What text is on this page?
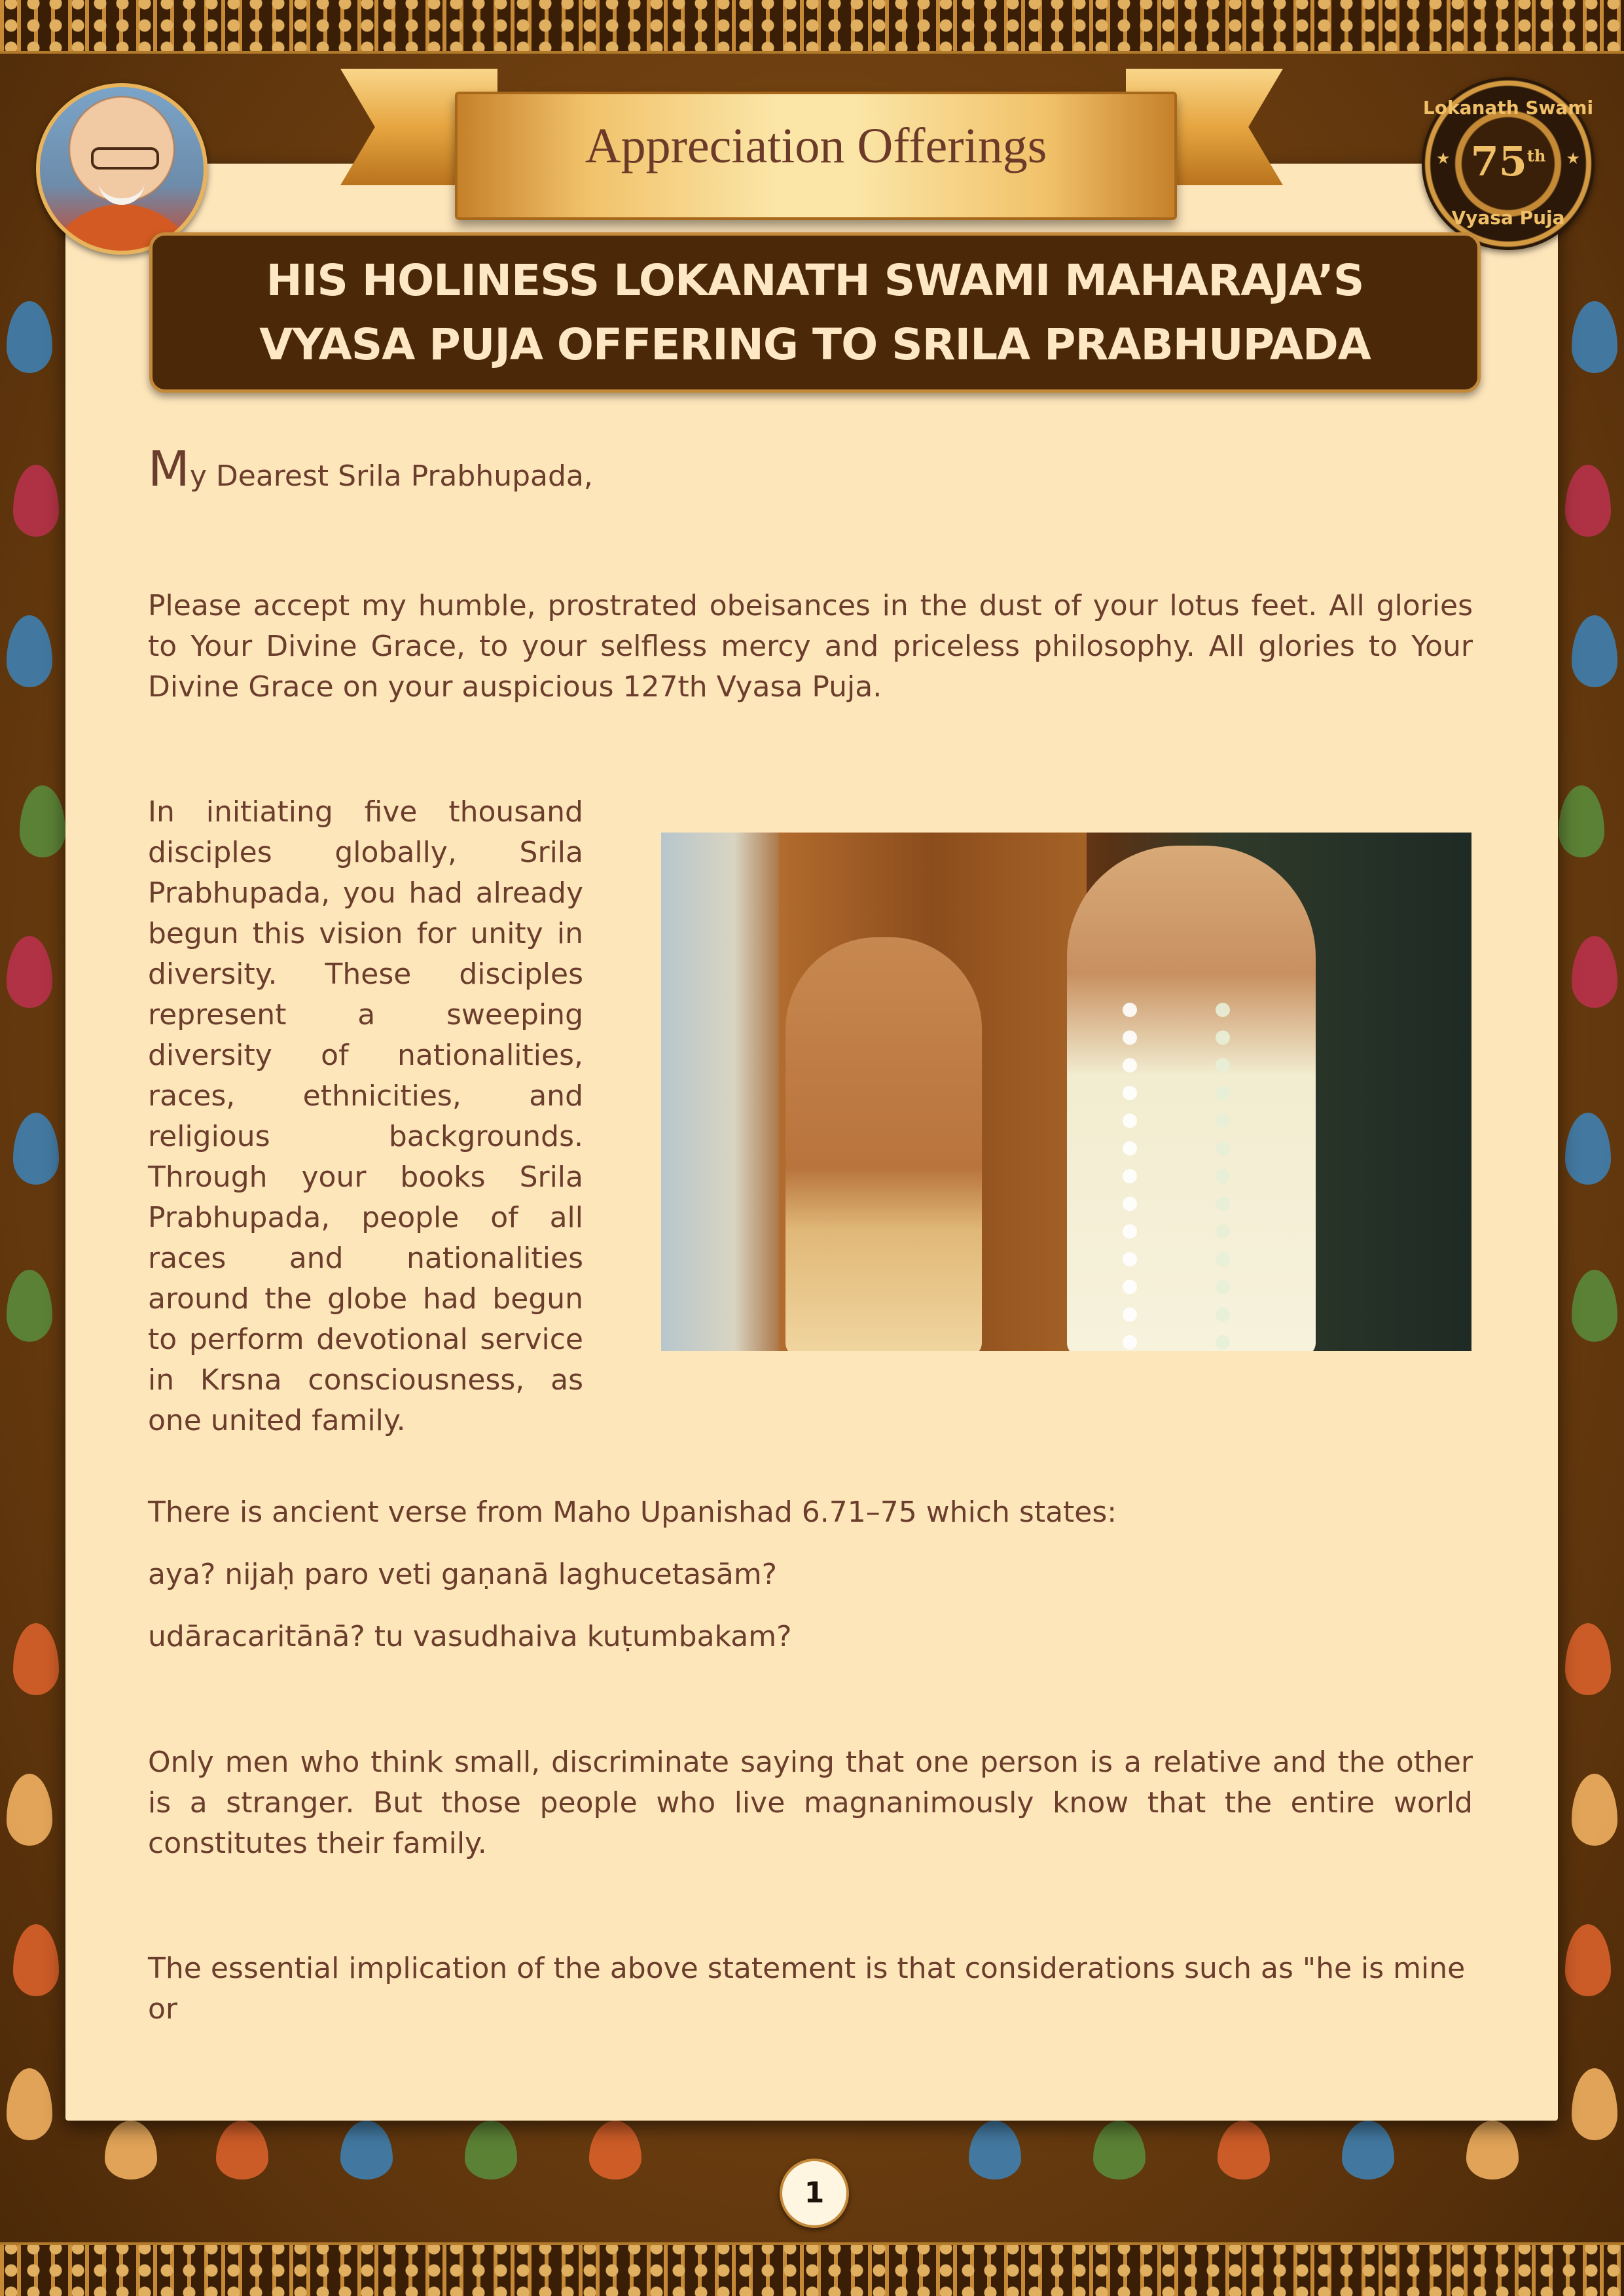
Appreciation Offerings
Lokanath Swami
★	★
75th
Vyasa Puja
HIS HOLINESS LOKANATH SWAMI MAHARAJA’S
VYASA PUJA OFFERING TO SRILA PRABHUPADA
My Dearest Srila Prabhupada,
Please accept my humble, prostrated obeisances in the dust of your lotus feet. All glories to Your Divine Grace, to your selfless mercy and priceless philosophy. All glories to Your Divine Grace on your auspicious 127th Vyasa Puja.
In initiating five thousand disciples globally, Srila Prabhupada, you had already begun this vision for unity in diversity. These disciples represent a sweeping diversity of nationalities, races, ethnicities, and religious backgrounds. Through your books Srila Prabhupada, people of all races and nationalities around the globe had begun to perform devotional service in Krsna consciousness, as one united family.
There is ancient verse from Maho Upanishad 6.71–75 which states:
aya? nijaḥ paro veti gaṇanā laghucetasām?
udāracaritānā? tu vasudhaiva kuṭumbakam?
Only men who think small, discriminate saying that one person is a relative and the other is a stranger. But those people who live magnanimously know that the entire world constitutes their family.
The essential implication of the above statement is that considerations such as "he is mine or
1
